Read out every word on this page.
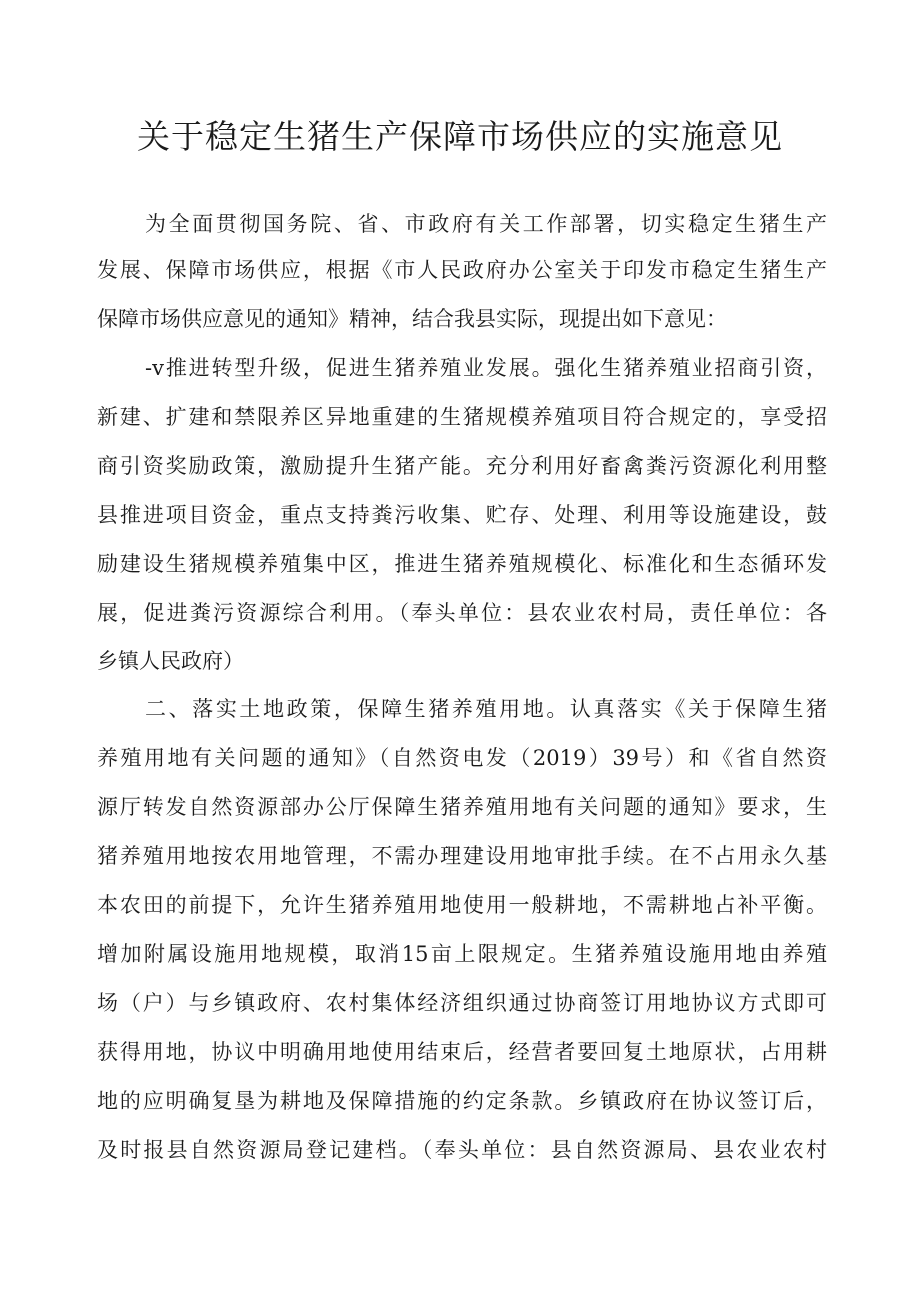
关于稳定生猪生产保障市场供应的实施意见

为全面贯彻国务院、省、市政府有关工作部署，切实稳定生猪生产

发展、保障市场供应，根据《市人民政府办公室关于印发市稳定生猪生产

保障市场供应意见的通知》精神，结合我县实际，现提出如下意见：

-v推进转型升级，促进生猪养殖业发展。强化生猪养殖业招商引资，

新建、扩建和禁限养区异地重建的生猪规模养殖项目符合规定的，享受招

商引资奖励政策，激励提升生猪产能。充分利用好畜禽粪污资源化利用整

县推进项目资金，重点支持粪污收集、贮存、处理、利用等设施建设，鼓

励建设生猪规模养殖集中区，推进生猪养殖规模化、标准化和生态循环发

展，促进粪污资源综合利用。（奉头单位：县农业农村局，责任单位：各

乡镇人民政府）

二、落实土地政策，保障生猪养殖用地。认真落实《关于保障生猪

养殖用地有关问题的通知》（自然资电发（2019）39号）和《省自然资

源厅转发自然资源部办公厅保障生猪养殖用地有关问题的通知》要求，生

猪养殖用地按农用地管理，不需办理建设用地审批手续。在不占用永久基

本农田的前提下，允许生猪养殖用地使用一般耕地，不需耕地占补平衡。

增加附属设施用地规模，取消15亩上限规定。生猪养殖设施用地由养殖

场（户）与乡镇政府、农村集体经济组织通过协商签订用地协议方式即可

获得用地，协议中明确用地使用结束后，经营者要回复土地原状，占用耕

地的应明确复垦为耕地及保障措施的约定条款。乡镇政府在协议签订后，

及时报县自然资源局登记建档。（奉头单位：县自然资源局、县农业农村
